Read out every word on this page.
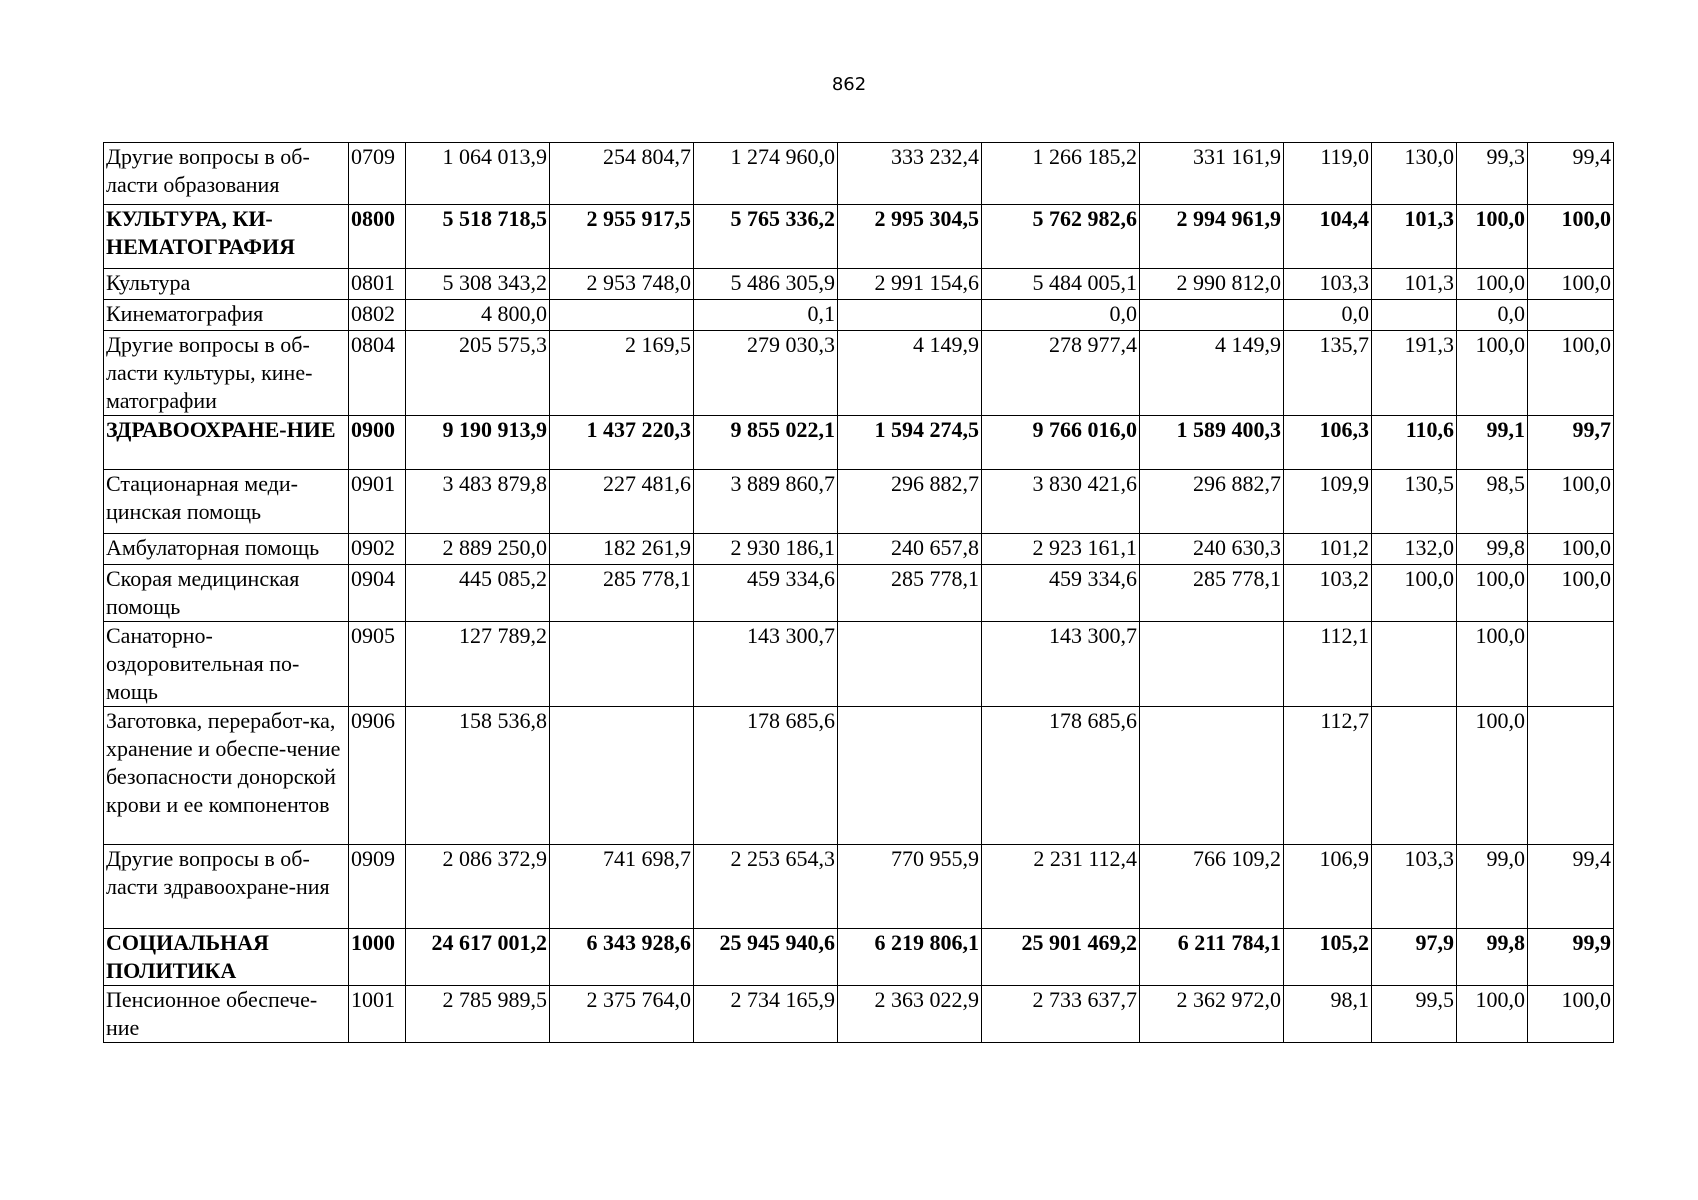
862
Другие вопросы в об-ласти образования	0709	1 064 013,9	254 804,7	1 274 960,0	333 232,4	1 266 185,2	331 161,9	119,0	130,0	99,3	99,4
КУЛЬТУРА, КИ-НЕМАТОГРАФИЯ	0800	5 518 718,5	2 955 917,5	5 765 336,2	2 995 304,5	5 762 982,6	2 994 961,9	104,4	101,3	100,0	100,0
Культура	0801	5 308 343,2	2 953 748,0	5 486 305,9	2 991 154,6	5 484 005,1	2 990 812,0	103,3	101,3	100,0	100,0
Кинематография	0802	4 800,0		0,1		0,0		0,0		0,0	
Другие вопросы в об-ласти культуры, кине-матографии	0804	205 575,3	2 169,5	279 030,3	4 149,9	278 977,4	4 149,9	135,7	191,3	100,0	100,0
ЗДРАВООХРАНЕ-НИЕ	0900	9 190 913,9	1 437 220,3	9 855 022,1	1 594 274,5	9 766 016,0	1 589 400,3	106,3	110,6	99,1	99,7
Стационарная меди-цинская помощь	0901	3 483 879,8	227 481,6	3 889 860,7	296 882,7	3 830 421,6	296 882,7	109,9	130,5	98,5	100,0
Амбулаторная помощь	0902	2 889 250,0	182 261,9	2 930 186,1	240 657,8	2 923 161,1	240 630,3	101,2	132,0	99,8	100,0
Скорая медицинская помощь	0904	445 085,2	285 778,1	459 334,6	285 778,1	459 334,6	285 778,1	103,2	100,0	100,0	100,0
Санаторно-оздоровительная по-мощь	0905	127 789,2		143 300,7		143 300,7		112,1		100,0	
Заготовка, переработ-ка, хранение и обеспе-чение безопасности донорской крови и ее компонентов	0906	158 536,8		178 685,6		178 685,6		112,7		100,0	
Другие вопросы в об-ласти здравоохране-ния	0909	2 086 372,9	741 698,7	2 253 654,3	770 955,9	2 231 112,4	766 109,2	106,9	103,3	99,0	99,4
СОЦИАЛЬНАЯ ПОЛИТИКА	1000	24 617 001,2	6 343 928,6	25 945 940,6	6 219 806,1	25 901 469,2	6 211 784,1	105,2	97,9	99,8	99,9
Пенсионное обеспече-ние	1001	2 785 989,5	2 375 764,0	2 734 165,9	2 363 022,9	2 733 637,7	2 362 972,0	98,1	99,5	100,0	100,0
